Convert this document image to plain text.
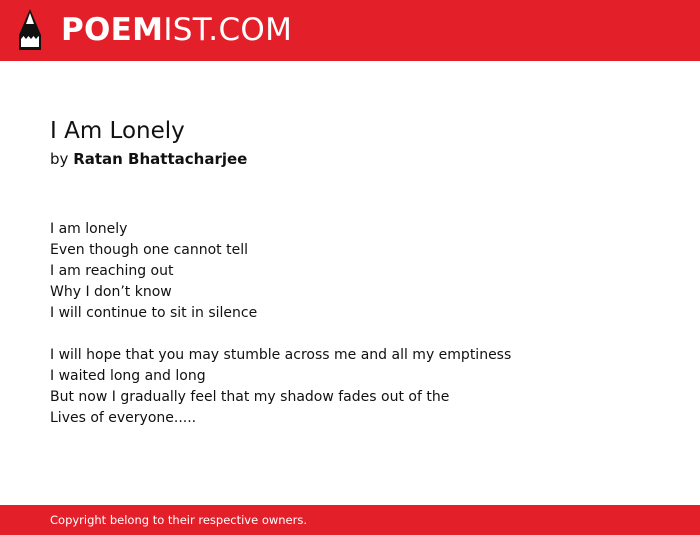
POEMIST.COM
I Am Lonely
by Ratan Bhattacharjee
I am lonely
Even though one cannot tell
I am reaching out
Why I don’t know
I will continue to sit in silence
I will hope that you may stumble across me and all my emptiness
I waited long and long
But now I gradually feel that my shadow fades out of the
Lives of everyone.....
Copyright belong to their respective owners.
